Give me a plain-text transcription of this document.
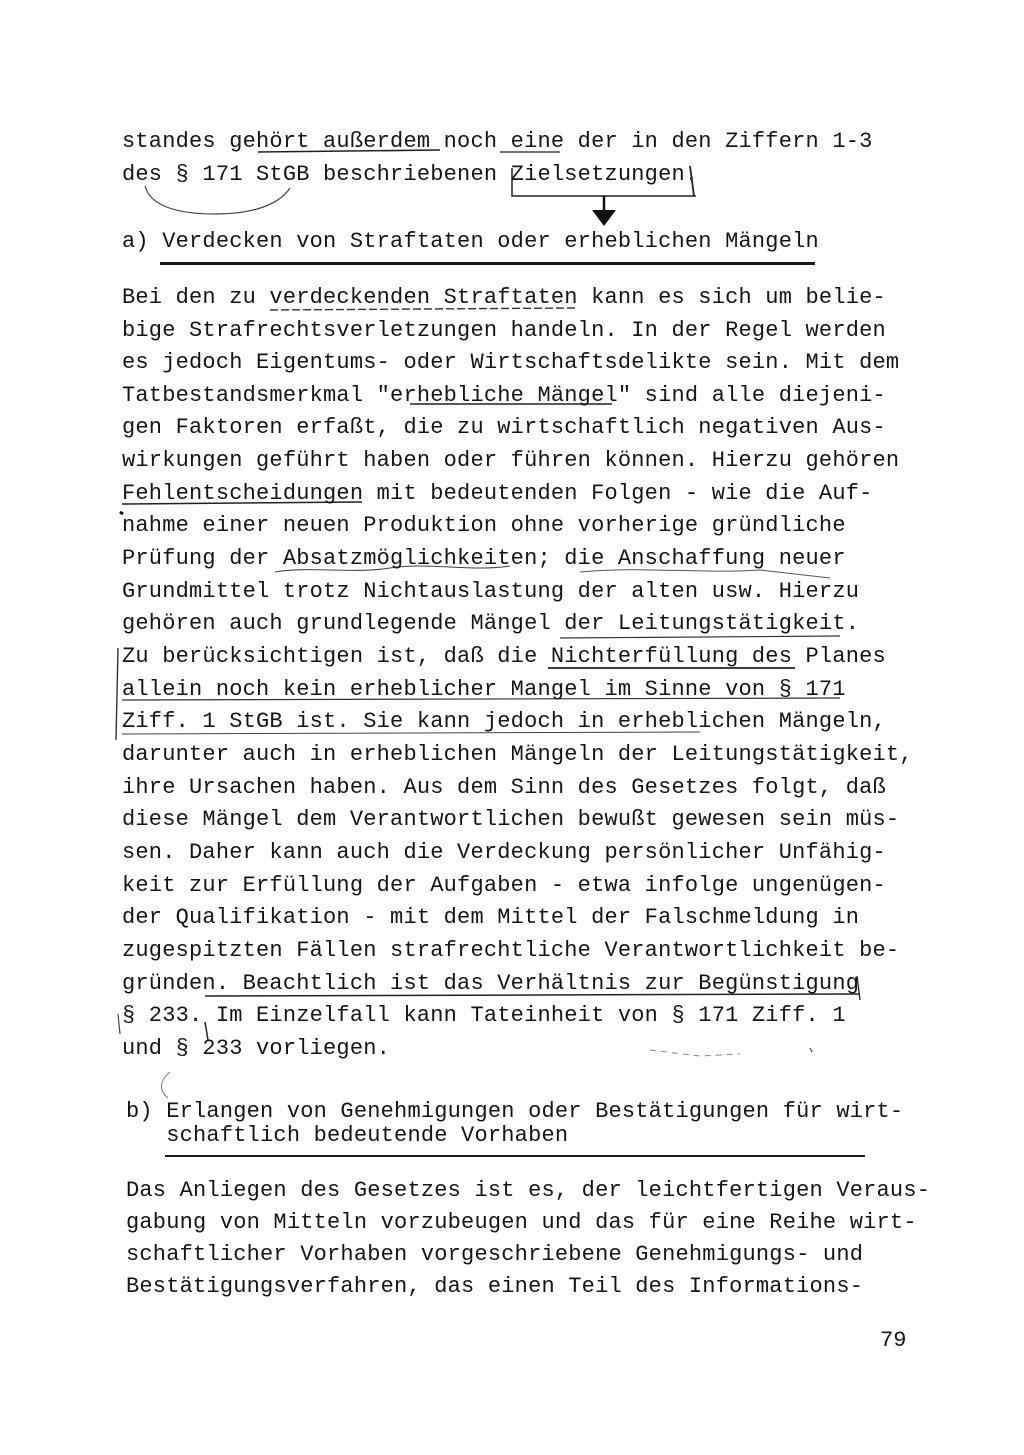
standes gehört außerdem noch eine der in den Ziffern 1-3
des § 171 StGB beschriebenen Zielsetzungen.
a) Verdecken von Straftaten oder erheblichen Mängeln
Bei den zu verdeckenden Straftaten kann es sich um belie-
bige Strafrechtsverletzungen handeln. In der Regel werden
es jedoch Eigentums- oder Wirtschaftsdelikte sein. Mit dem
Tatbestandsmerkmal "erhebliche Mängel" sind alle diejeni-
gen Faktoren erfaßt, die zu wirtschaftlich negativen Aus-
wirkungen geführt haben oder führen können. Hierzu gehören
Fehlentscheidungen mit bedeutenden Folgen - wie die Auf-
nahme einer neuen Produktion ohne vorherige gründliche
Prüfung der Absatzmöglichkeiten; die Anschaffung neuer
Grundmittel trotz Nichtauslastung der alten usw. Hierzu
gehören auch grundlegende Mängel der Leitungstätigkeit.
Zu berücksichtigen ist, daß die Nichterfüllung des Planes
allein noch kein erheblicher Mangel im Sinne von § 171
Ziff. 1 StGB ist. Sie kann jedoch in erheblichen Mängeln,
darunter auch in erheblichen Mängeln der Leitungstätigkeit,
ihre Ursachen haben. Aus dem Sinn des Gesetzes folgt, daß
diese Mängel dem Verantwortlichen bewußt gewesen sein müs-
sen. Daher kann auch die Verdeckung persönlicher Unfähig-
keit zur Erfüllung der Aufgaben - etwa infolge ungenügen-
der Qualifikation - mit dem Mittel der Falschmeldung in
zugespitzten Fällen strafrechtliche Verantwortlichkeit be-
gründen. Beachtlich ist das Verhältnis zur Begünstigung
§ 233. Im Einzelfall kann Tateinheit von § 171 Ziff. 1
und § 233 vorliegen.
b) Erlangen von Genehmigungen oder Bestätigungen für wirt-
schaftlich bedeutende Vorhaben
Das Anliegen des Gesetzes ist es, der leichtfertigen Veraus-
gabung von Mitteln vorzubeugen und das für eine Reihe wirt-
schaftlicher Vorhaben vorgeschriebene Genehmigungs- und
Bestätigungsverfahren, das einen Teil des Informations-
79
